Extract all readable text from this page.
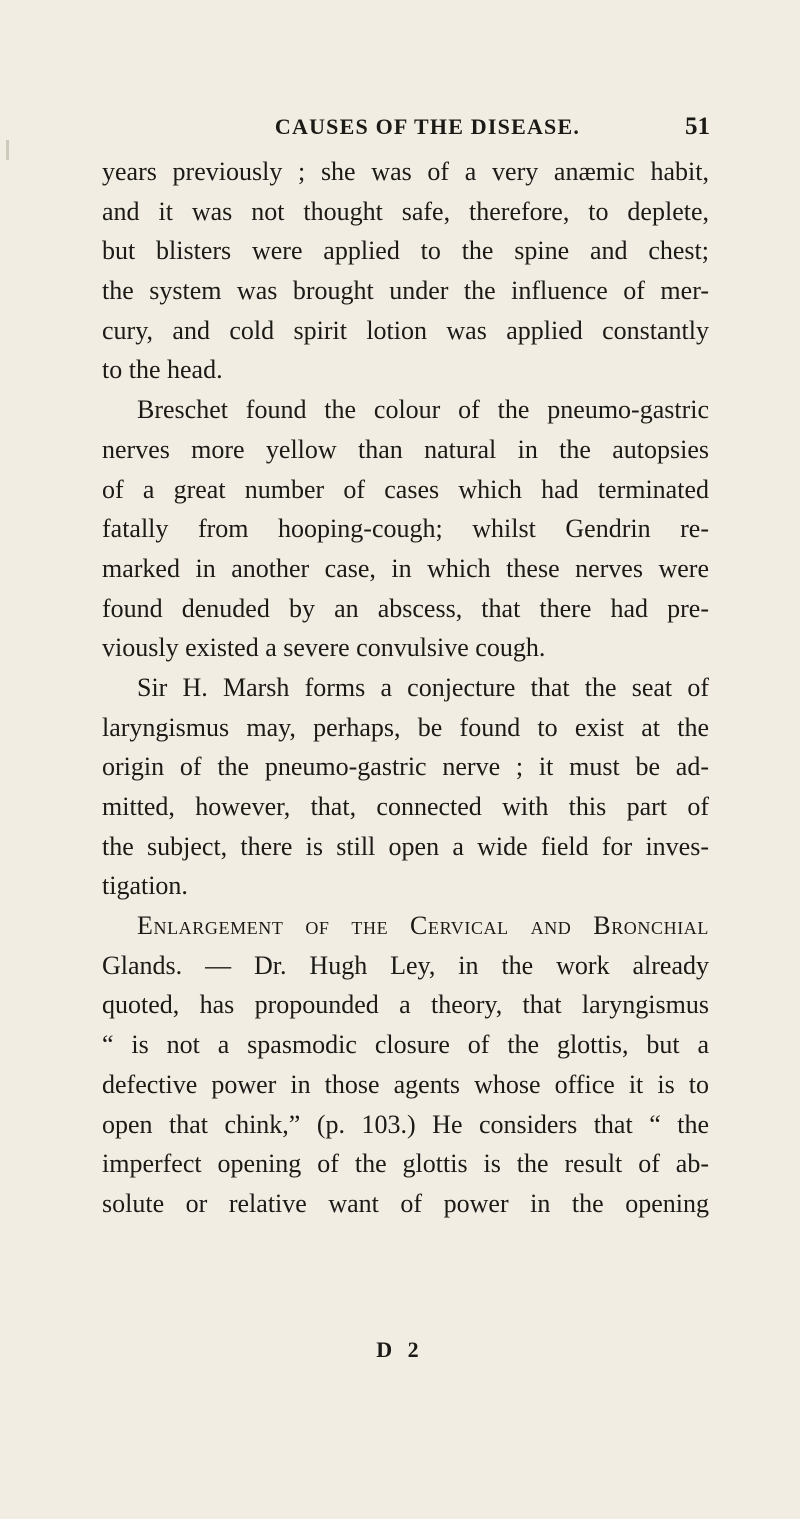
CAUSES OF THE DISEASE.	51
years previously ; she was of a very anæmic habit,
and it was not thought safe, therefore, to deplete,
but blisters were applied to the spine and chest;
the system was brought under the influence of mer-
cury, and cold spirit lotion was applied constantly
to the head.
Breschet found the colour of the pneumo-gastric
nerves more yellow than natural in the autopsies
of a great number of cases which had terminated
fatally from hooping-cough; whilst Gendrin re-
marked in another case, in which these nerves were
found denuded by an abscess, that there had pre-
viously existed a severe convulsive cough.
Sir H. Marsh forms a conjecture that the seat of
laryngismus may, perhaps, be found to exist at the
origin of the pneumo-gastric nerve ; it must be ad-
mitted, however, that, connected with this part of
the subject, there is still open a wide field for inves-
tigation.
Enlargement of the Cervical and Bronchial
Glands. — Dr. Hugh Ley, in the work already
quoted, has propounded a theory, that laryngismus
“ is not a spasmodic closure of the glottis, but a
defective power in those agents whose office it is to
open that chink,” (p. 103.) He considers that “ the
imperfect opening of the glottis is the result of ab-
solute or relative want of power in the opening
D 2
